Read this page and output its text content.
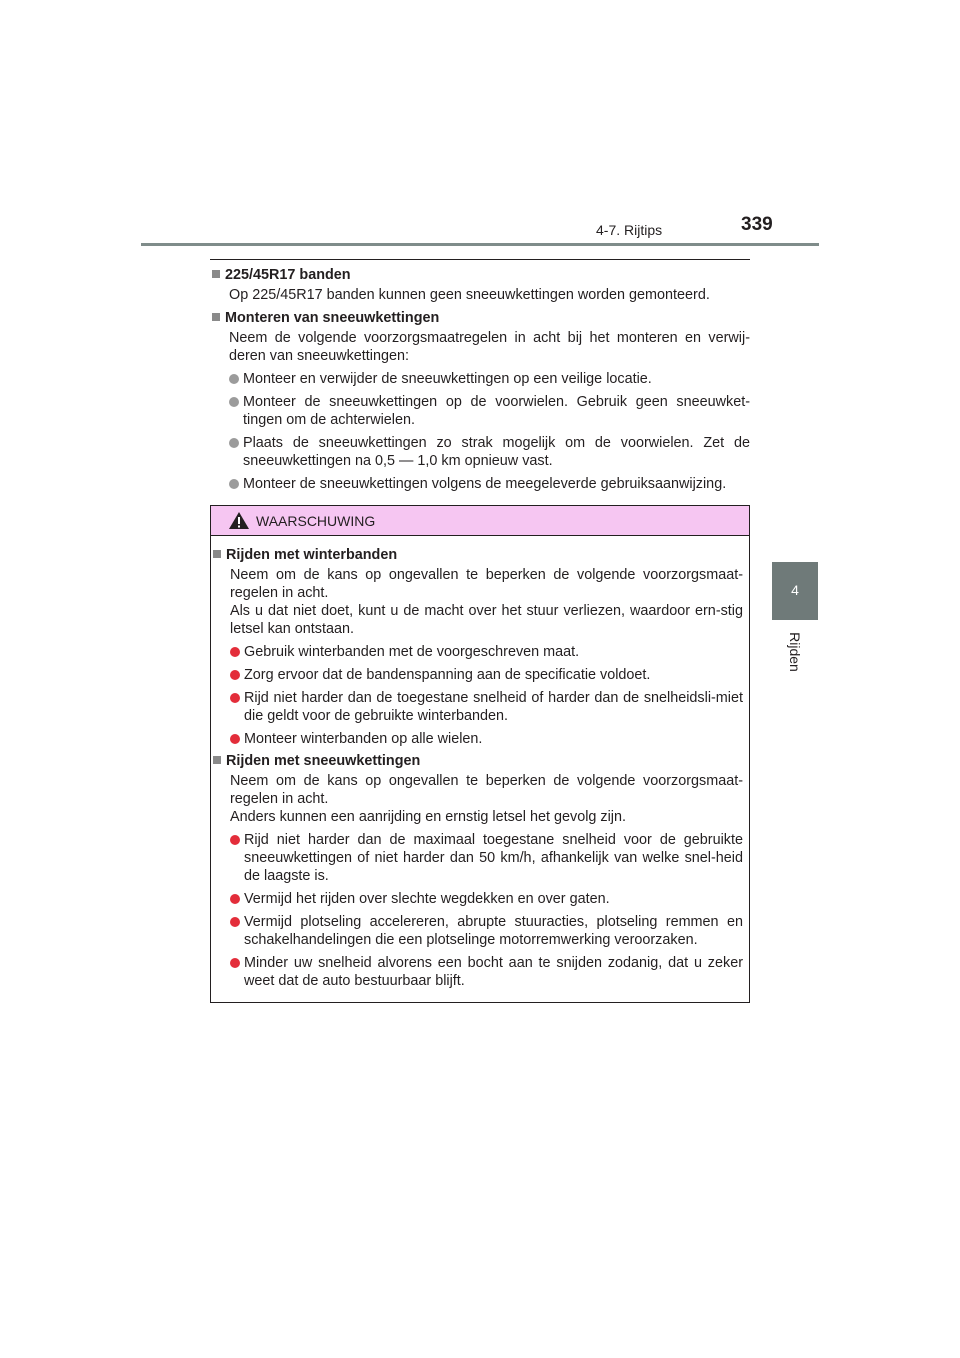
4-7. Rijtips	339
4
Rijden
225/45R17 banden
Op 225/45R17 banden kunnen geen sneeuwkettingen worden gemonteerd.
Monteren van sneeuwkettingen
Neem de volgende voorzorgsmaatregelen in acht bij het monteren en verwij-deren van sneeuwkettingen:
Monteer en verwijder de sneeuwkettingen op een veilige locatie.
Monteer de sneeuwkettingen op de voorwielen. Gebruik geen sneeuwket-tingen om de achterwielen.
Plaats de sneeuwkettingen zo strak mogelijk om de voorwielen. Zet de sneeuwkettingen na 0,5 — 1,0 km opnieuw vast.
Monteer de sneeuwkettingen volgens de meegeleverde gebruiksaanwijzing.
WAARSCHUWING
Rijden met winterbanden
Neem om de kans op ongevallen te beperken de volgende voorzorgsmaat-regelen in acht.
Als u dat niet doet, kunt u de macht over het stuur verliezen, waardoor ern-stig letsel kan ontstaan.
Gebruik winterbanden met de voorgeschreven maat.
Zorg ervoor dat de bandenspanning aan de specificatie voldoet.
Rijd niet harder dan de toegestane snelheid of harder dan de snelheidsli-miet die geldt voor de gebruikte winterbanden.
Monteer winterbanden op alle wielen.
Rijden met sneeuwkettingen
Neem om de kans op ongevallen te beperken de volgende voorzorgsmaat-regelen in acht.
Anders kunnen een aanrijding en ernstig letsel het gevolg zijn.
Rijd niet harder dan de maximaal toegestane snelheid voor de gebruikte sneeuwkettingen of niet harder dan 50 km/h, afhankelijk van welke snel-heid de laagste is.
Vermijd het rijden over slechte wegdekken en over gaten.
Vermijd plotseling accelereren, abrupte stuuracties, plotseling remmen en schakelhandelingen die een plotselinge motorremwerking veroorzaken.
Minder uw snelheid alvorens een bocht aan te snijden zodanig, dat u zeker weet dat de auto bestuurbaar blijft.
